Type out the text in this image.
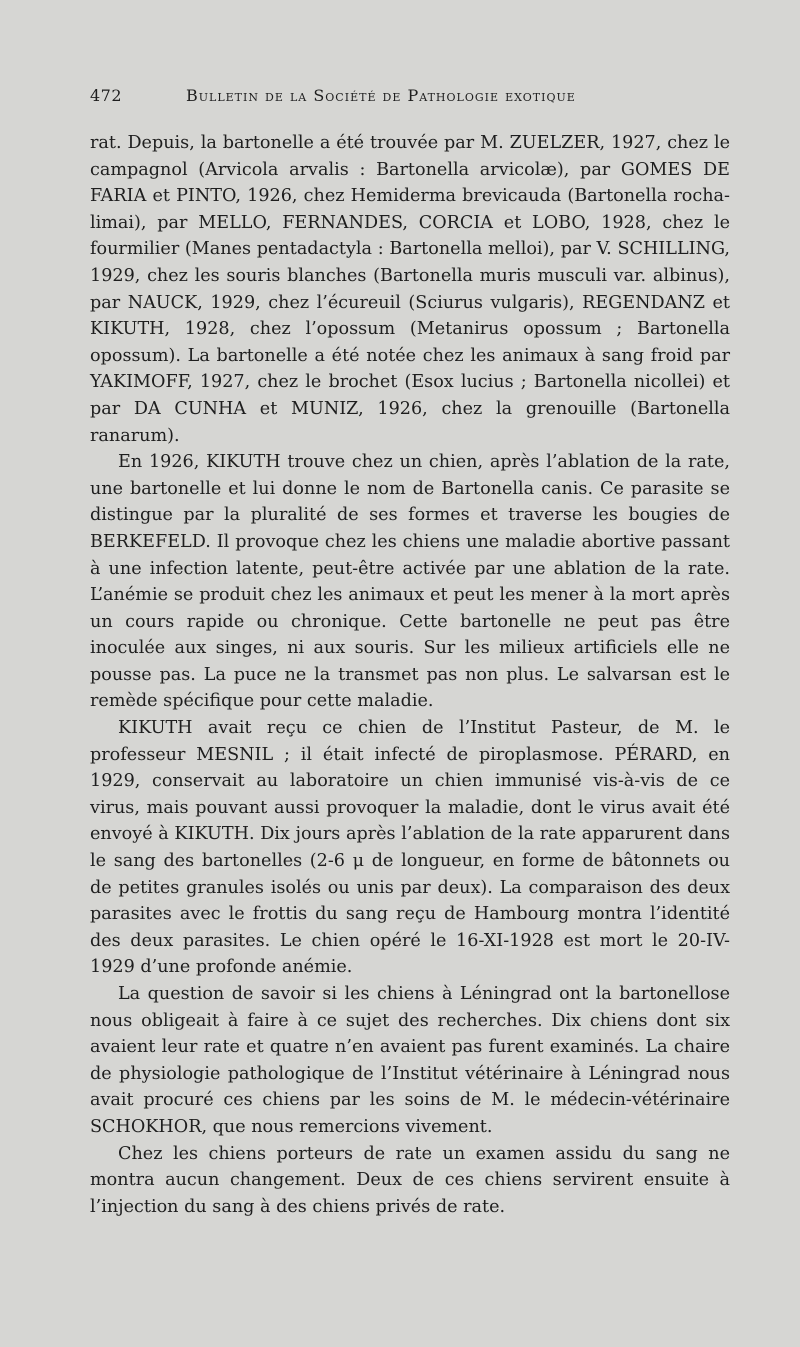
472	Bulletin de la Société de Pathologie exotique

rat. Depuis, la bartonelle a été trouvée par M. ZUELZER, 1927, chez le campagnol (Arvicola arvalis : Bartonella arvicolæ), par GOMES DE FARIA et PINTO, 1926, chez Hemiderma brevicauda (Bartonella rocha-limai), par MELLO, FERNANDES, CORCIA et LOBO, 1928, chez le fourmilier (Manes pentadactyla : Bartonella melloi), par V. SCHILLING, 1929, chez les souris blanches (Bartonella muris musculi var. albinus), par NAUCK, 1929, chez l’écureuil (Sciurus vulgaris), REGENDANZ et KIKUTH, 1928, chez l’opossum (Metanirus opossum ; Bartonella opossum). La bartonelle a été notée chez les animaux à sang froid par YAKIMOFF, 1927, chez le brochet (Esox lucius ; Bartonella nicollei) et par DA CUNHA et MUNIZ, 1926, chez la grenouille (Bartonella ranarum).

En 1926, KIKUTH trouve chez un chien, après l’ablation de la rate, une bartonelle et lui donne le nom de Bartonella canis. Ce parasite se distingue par la pluralité de ses formes et traverse les bougies de BERKEFELD. Il provoque chez les chiens une maladie abortive passant à une infection latente, peut-être activée par une ablation de la rate. L’anémie se produit chez les animaux et peut les mener à la mort après un cours rapide ou chronique. Cette bartonelle ne peut pas être inoculée aux singes, ni aux souris. Sur les milieux artificiels elle ne pousse pas. La puce ne la transmet pas non plus. Le salvarsan est le remède spécifique pour cette maladie.

KIKUTH avait reçu ce chien de l’Institut Pasteur, de M. le professeur MESNIL ; il était infecté de piroplasmose. PÉRARD, en 1929, conservait au laboratoire un chien immunisé vis-à-vis de ce virus, mais pouvant aussi provoquer la maladie, dont le virus avait été envoyé à KIKUTH. Dix jours après l’ablation de la rate apparurent dans le sang des bartonelles (2-6 μ de longueur, en forme de bâtonnets ou de petites granules isolés ou unis par deux). La comparaison des deux parasites avec le frottis du sang reçu de Hambourg montra l’identité des deux parasites. Le chien opéré le 16-XI-1928 est mort le 20-IV-1929 d’une profonde anémie.

La question de savoir si les chiens à Léningrad ont la bartonellose nous obligeait à faire à ce sujet des recherches. Dix chiens dont six avaient leur rate et quatre n’en avaient pas furent examinés. La chaire de physiologie pathologique de l’Institut vétérinaire à Léningrad nous avait procuré ces chiens par les soins de M. le médecin-vétérinaire SCHOKHOR, que nous remercions vivement.

Chez les chiens porteurs de rate un examen assidu du sang ne montra aucun changement. Deux de ces chiens servirent ensuite à l’injection du sang à des chiens privés de rate.
